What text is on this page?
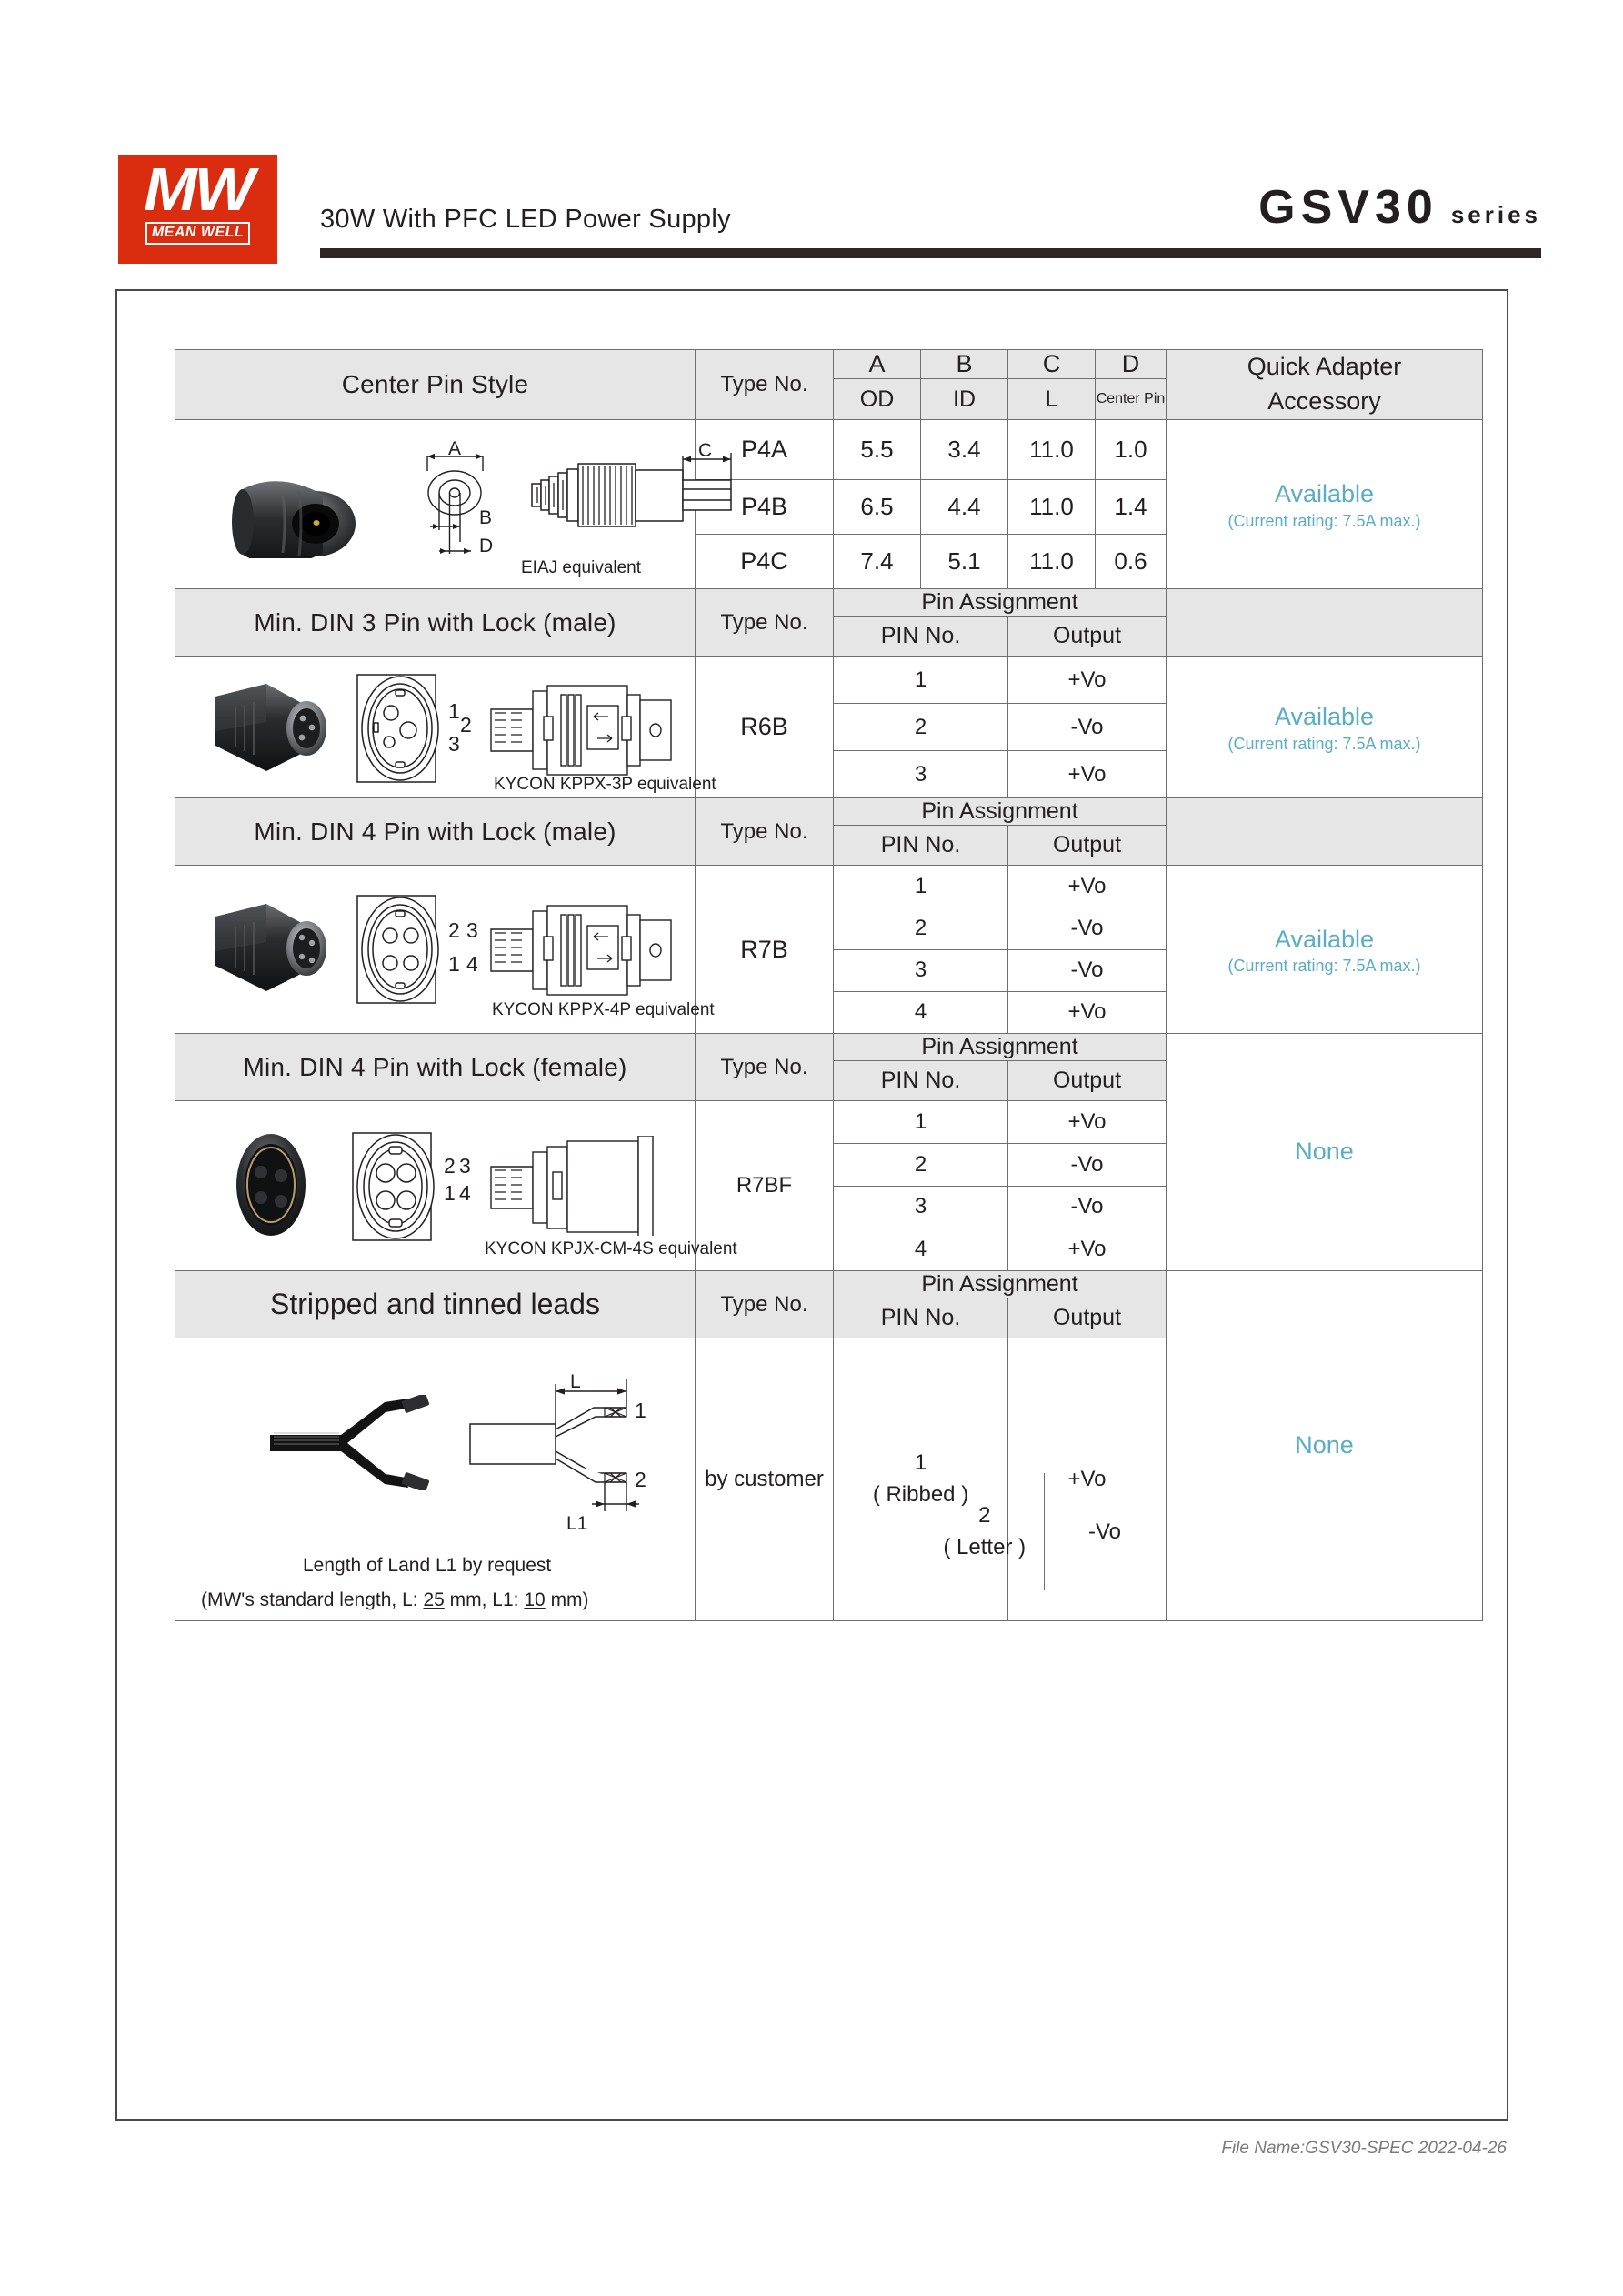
MW
MEAN WELL	30W With PFC LED Power Supply	GSV30 series
Center Pin Style	Type No.	A	B	C	D	Quick Adapter
Accessory

		OD	ID	L	Center Pin	

A
B
D
C
EIAJ equivalent
	P4A	5.5	3.4	11.0	1.0	
Available
(Current rating: 7.5A max.)

	P4B	6.5	4.4	11.0	1.4	
	P4C	7.4	5.1	11.0	0.6	
Min. DIN 3 Pin with Lock (male)	Type No.	Pin Assignment				
		PIN No.		Output		

1
2
3
KYCON KPPX-3P equivalent
	R6B	1	+Vo	
Available
(Current rating: 7.5A max.)

		2		-Vo		
		3		+Vo		
Min. DIN 4 Pin with Lock (male)	Type No.	Pin Assignment				
		PIN No.		Output		

2 3
1 4
KYCON KPPX-4P equivalent
	R7B	1	+Vo	
Available
(Current rating: 7.5A max.)

		2		-Vo		
		3		-Vo		
		4		+Vo		
Min. DIN 4 Pin with Lock (female)	Type No.	Pin Assignment				None

		PIN No.		Output		

2 3
1 4
KYCON KPJX-CM-4S equivalent	R7BF	1		+Vo		
		2		-Vo		
		3		-Vo		
		4		+Vo		
Stripped and tinned leads	Type No.	Pin Assignment				None

		PIN No.		Output		

L
L1
1
2
Length of Land L1 by request
(MW's standard length, L: 25 mm, L1: 10 mm)
	by customer	
1
( Ribbed )
	+Vo
2
( Letter )
	-Vo	
File Name:GSV30-SPEC 2022-04-26
